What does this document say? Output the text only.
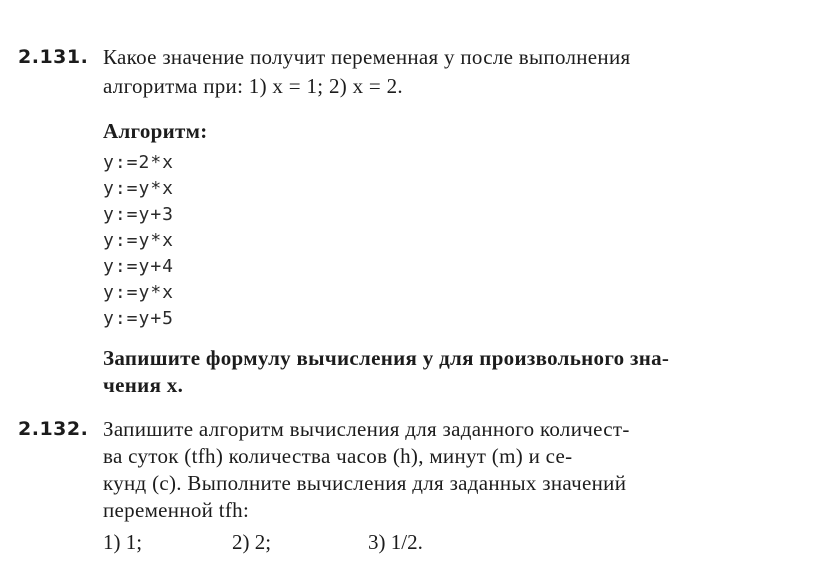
2.131. Какое значение получит переменная y после выполнения
алгоритма при: 1) x = 1; 2) x = 2.
Алгоритм:
y:=2*x
y:=y*x
y:=y+3
y:=y*x
y:=y+4
y:=y*x
y:=y+5
Запишите формулу вычисления y для произвольного зна-
чения x.
2.132. Запишите алгоритм вычисления для заданного количест-
ва суток (tfh) количества часов (h), минут (m) и се-
кунд (с). Выполните вычисления для заданных значений
переменной tfh:
1) 1;	2) 2;	3) 1/2.
